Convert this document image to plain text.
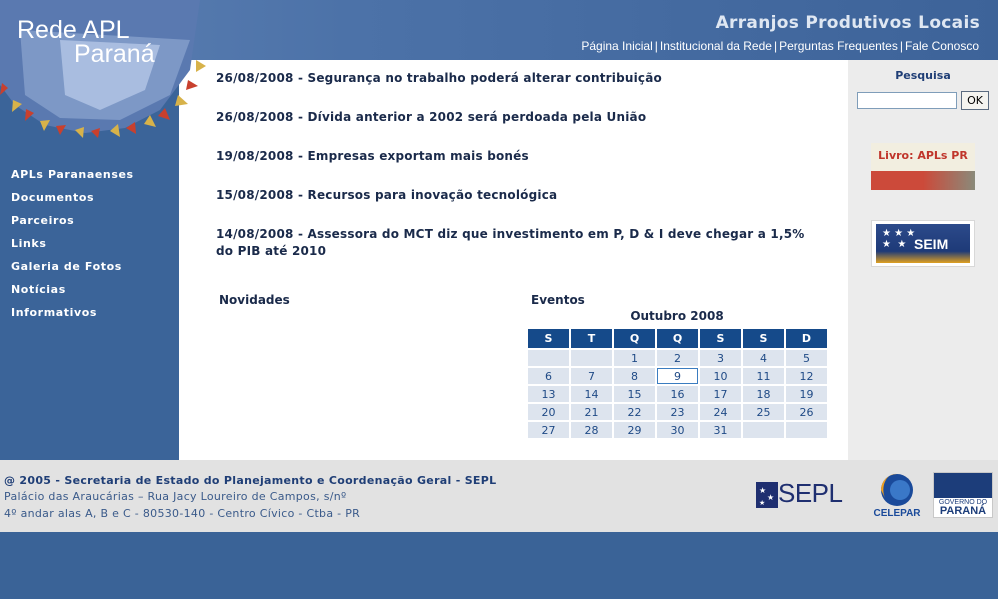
Arranjos Produtivos Locais
Página Inicial | Institucional da Rede | Perguntas Frequentes | Fale Conosco
Rede APL
Paraná
APLs Paranaenses
Documentos
Parceiros
Links
Galeria de Fotos
Notícias
Informativos
26/08/2008 - Segurança no trabalho poderá alterar contribuição
26/08/2008 - Dívida anterior a 2002 será perdoada pela União
19/08/2008 - Empresas exportam mais bonés
15/08/2008 - Recursos para inovação tecnológica
14/08/2008 - Assessora do MCT diz que investimento em P, D & I deve chegar a 1,5% do PIB até 2010
Novidades	Eventos
Outubro 2008
S	T	Q	Q	S	S	D
		1	2	3	4	5
6	7	8	9	10	11	12
13	14	15	16	17	18	19
20	21	22	23	24	25	26
27	28	29	30	31		
Pesquisa
OK
Livro: APLs PR
★ ★ ★
★  ★ SEIM
@ 2005 - Secretaria de Estado do Planejamento e Coordenação Geral - SEPL
Palácio das Araucárias – Rua Jacy Loureiro de Campos, s/nº
4º andar alas A, B e C - 80530-140 - Centro Cívico - Ctba - PR
★
★
★ SEPL
CELEPAR
GOVERNO DO
PARANÁ
